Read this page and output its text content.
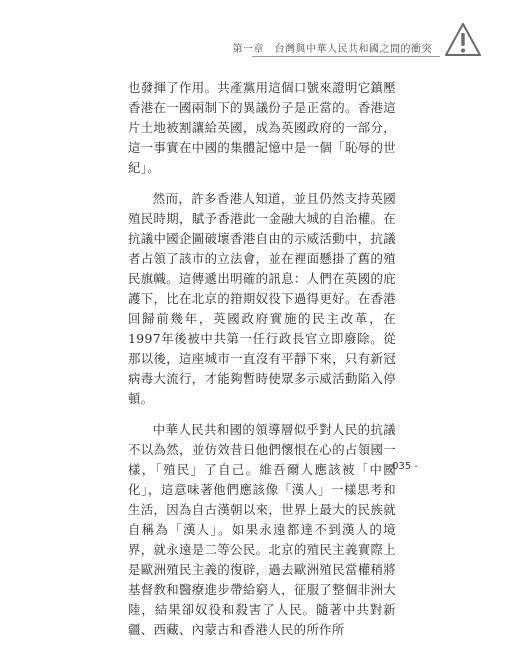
第一章　台灣與中華人民共和國之間的衝突

也發揮了作用。共產黨用這個口號來證明它鎮壓香港在一國兩制下的異議份子是正當的。香港這片土地被割讓給英國，成為英國政府的一部分，這一事實在中國的集體記憶中是一個「恥辱的世紀」。

然而，許多香港人知道，並且仍然支持英國殖民時期，賦予香港此一金融大城的自治權。在抗議中國企圖破壞香港自由的示威活動中，抗議者占領了該市的立法會，並在裡面懸掛了舊的殖民旗幟。這傳遞出明確的訊息：人們在英國的庇護下，比在北京的箝期奴役下過得更好。在香港回歸前幾年，英國政府實施的民主改革，在1997年後被中共第一任行政長官立即廢除。從那以後，這座城市一直沒有平靜下來，只有新冠病毒大流行，才能夠暫時使眾多示威活動陷入停頓。

中華人民共和國的領導層似乎對人民的抗議不以為然，並仿效昔日他們懷恨在心的占領國一樣，「殖民」了自己。維吾爾人應該被「中國化」，這意味著他們應該像「漢人」一樣思考和生活，因為自古漢朝以來，世界上最大的民族就自稱為「漢人」。如果永遠都達不到漢人的境界，就永遠是二等公民。北京的殖民主義實際上是歐洲殖民主義的復辟，過去歐洲殖民當權稍將基督教和醫療進步帶給窮人，征服了整個非洲大陸，結果卻奴役和殺害了人民。隨著中共對新疆、西藏、內蒙古和香港人民的所作所

- 035 -
